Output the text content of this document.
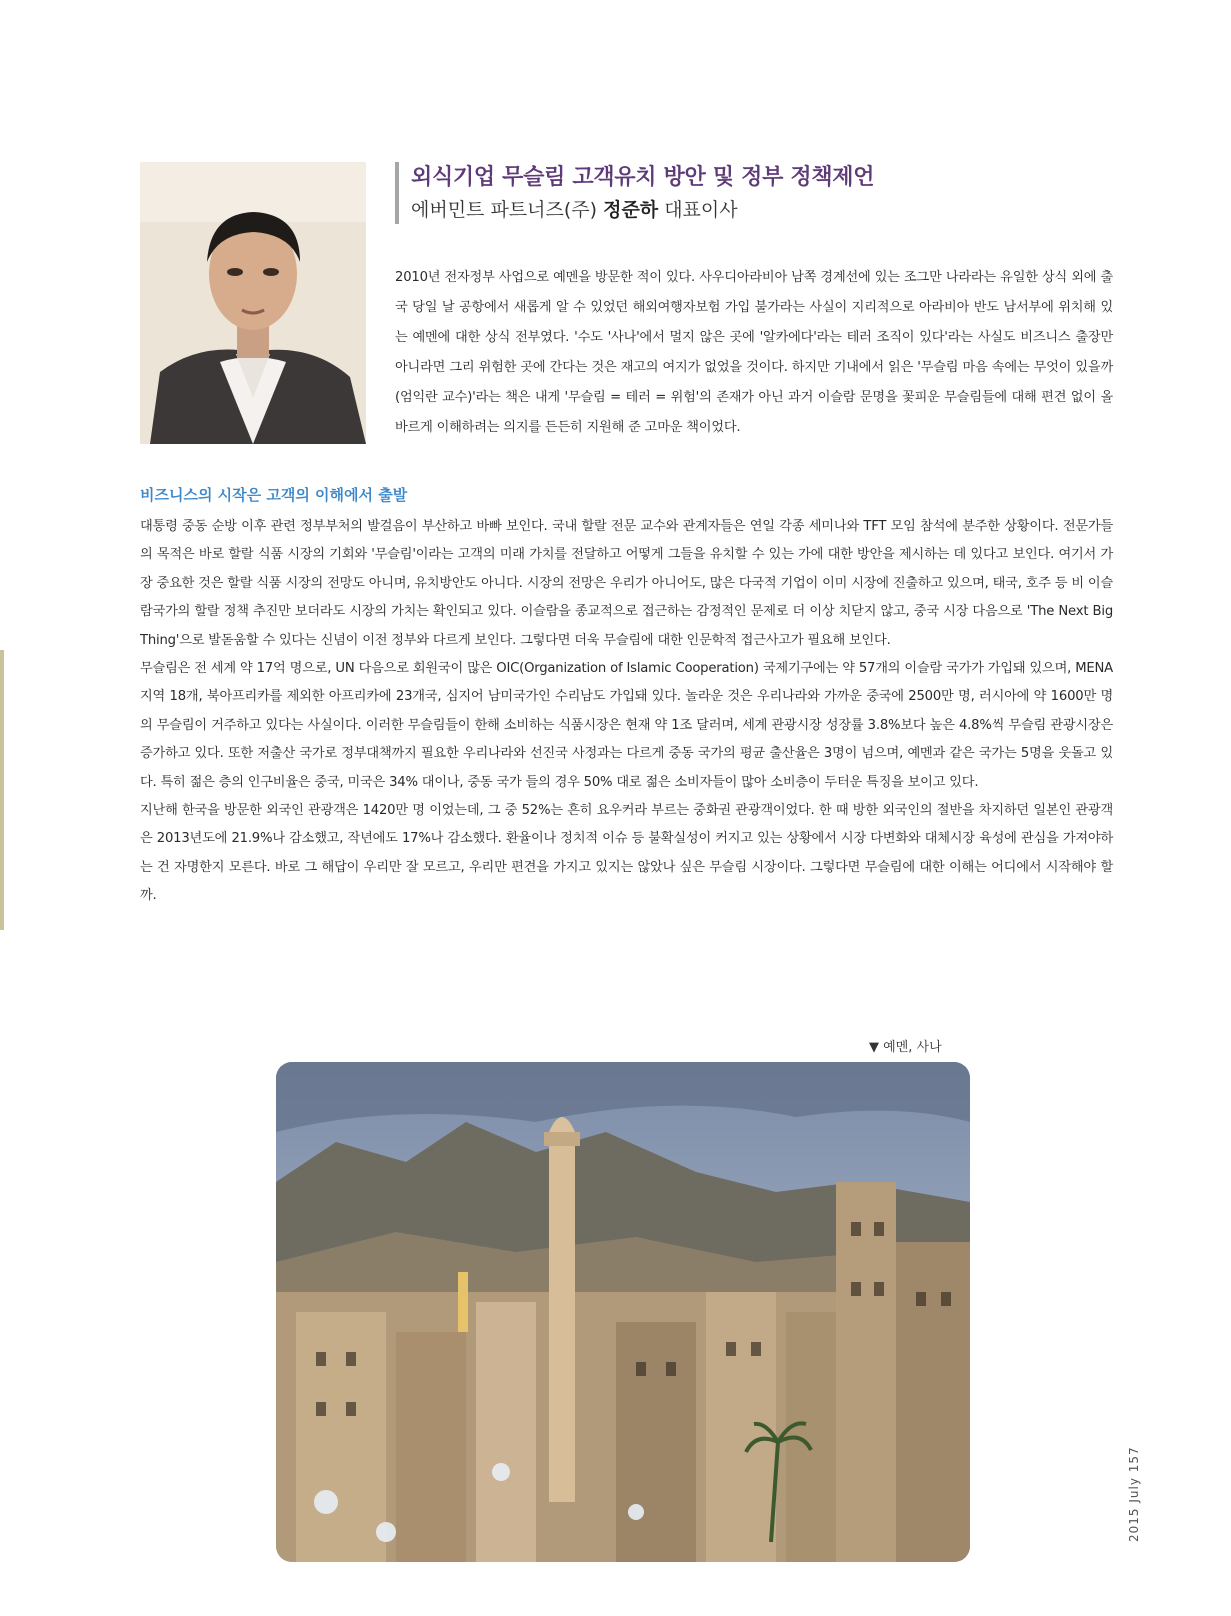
외식기업 무슬림 고객유치 방안 및 정부 정책제언

에버민트 파트너즈(주) 정준하 대표이사

2010년 전자정부 사업으로 예멘을 방문한 적이 있다. 사우디아라비아 남쪽 경계선에 있는 조그만 나라라는 유일한 상식 외에 출국 당일 날 공항에서 새롭게 알 수 있었던 해외여행자보험 가입 불가라는 사실이 지리적으로 아라비아 반도 남서부에 위치해 있는 예멘에 대한 상식 전부였다. '수도 '사나'에서 멀지 않은 곳에 '알카에다'라는 테러 조직이 있다'라는 사실도 비즈니스 출장만 아니라면 그리 위험한 곳에 간다는 것은 재고의 여지가 없었을 것이다. 하지만 기내에서 읽은 '무슬림 마음 속에는 무엇이 있을까(엄익란 교수)'라는 책은 내게 '무슬림 = 테러 = 위험'의 존재가 아닌 과거 이슬람 문명을 꽃피운 무슬림들에 대해 편견 없이 올바르게 이해하려는 의지를 든든히 지원해 준 고마운 책이었다.

비즈니스의 시작은 고객의 이해에서 출발

대통령 중동 순방 이후 관련 정부부처의 발걸음이 부산하고 바빠 보인다. 국내 할랄 전문 교수와 관계자들은 연일 각종 세미나와 TFT 모임 참석에 분주한 상황이다. 전문가들의 목적은 바로 할랄 식품 시장의 기회와 '무슬림'이라는 고객의 미래 가치를 전달하고 어떻게 그들을 유치할 수 있는 가에 대한 방안을 제시하는 데 있다고 보인다. 여기서 가장 중요한 것은 할랄 식품 시장의 전망도 아니며, 유치방안도 아니다. 시장의 전망은 우리가 아니어도, 많은 다국적 기업이 이미 시장에 진출하고 있으며, 태국, 호주 등 비 이슬람국가의 할랄 정책 추진만 보더라도 시장의 가치는 확인되고 있다. 이슬람을 종교적으로 접근하는 감정적인 문제로 더 이상 치닫지 않고, 중국 시장 다음으로 'The Next Big Thing'으로 발돋움할 수 있다는 신념이 이전 정부와 다르게 보인다. 그렇다면 더욱 무슬림에 대한 인문학적 접근사고가 필요해 보인다.

무슬림은 전 세계 약 17억 명으로, UN 다음으로 회원국이 많은 OIC(Organization of Islamic Cooperation) 국제기구에는 약 57개의 이슬람 국가가 가입돼 있으며, MENA 지역 18개, 북아프리카를 제외한 아프리카에 23개국, 심지어 남미국가인 수리남도 가입돼 있다. 놀라운 것은 우리나라와 가까운 중국에 2500만 명, 러시아에 약 1600만 명의 무슬림이 거주하고 있다는 사실이다. 이러한 무슬림들이 한해 소비하는 식품시장은 현재 약 1조 달러며, 세계 관광시장 성장률 3.8%보다 높은 4.8%씩 무슬림 관광시장은 증가하고 있다. 또한 저출산 국가로 정부대책까지 필요한 우리나라와 선진국 사정과는 다르게 중동 국가의 평균 출산율은 3명이 넘으며, 예멘과 같은 국가는 5명을 웃돌고 있다. 특히 젊은 층의 인구비율은 중국, 미국은 34% 대이나, 중동 국가 들의 경우 50% 대로 젊은 소비자들이 많아 소비층이 두터운 특징을 보이고 있다.

지난해 한국을 방문한 외국인 관광객은 1420만 명 이었는데, 그 중 52%는 흔히 요우커라 부르는 중화권 관광객이었다. 한 때 방한 외국인의 절반을 차지하던 일본인 관광객은 2013년도에 21.9%나 감소했고, 작년에도 17%나 감소했다. 환율이나 정치적 이슈 등 불확실성이 커지고 있는 상황에서 시장 다변화와 대체시장 육성에 관심을 가져야하는 건 자명한지 모른다. 바로 그 해답이 우리만 잘 모르고, 우리만 편견을 가지고 있지는 않았나 싶은 무슬림 시장이다. 그렇다면 무슬림에 대한 이해는 어디에서 시작해야 할까.

▼ 예멘, 사나
2015 July 157
